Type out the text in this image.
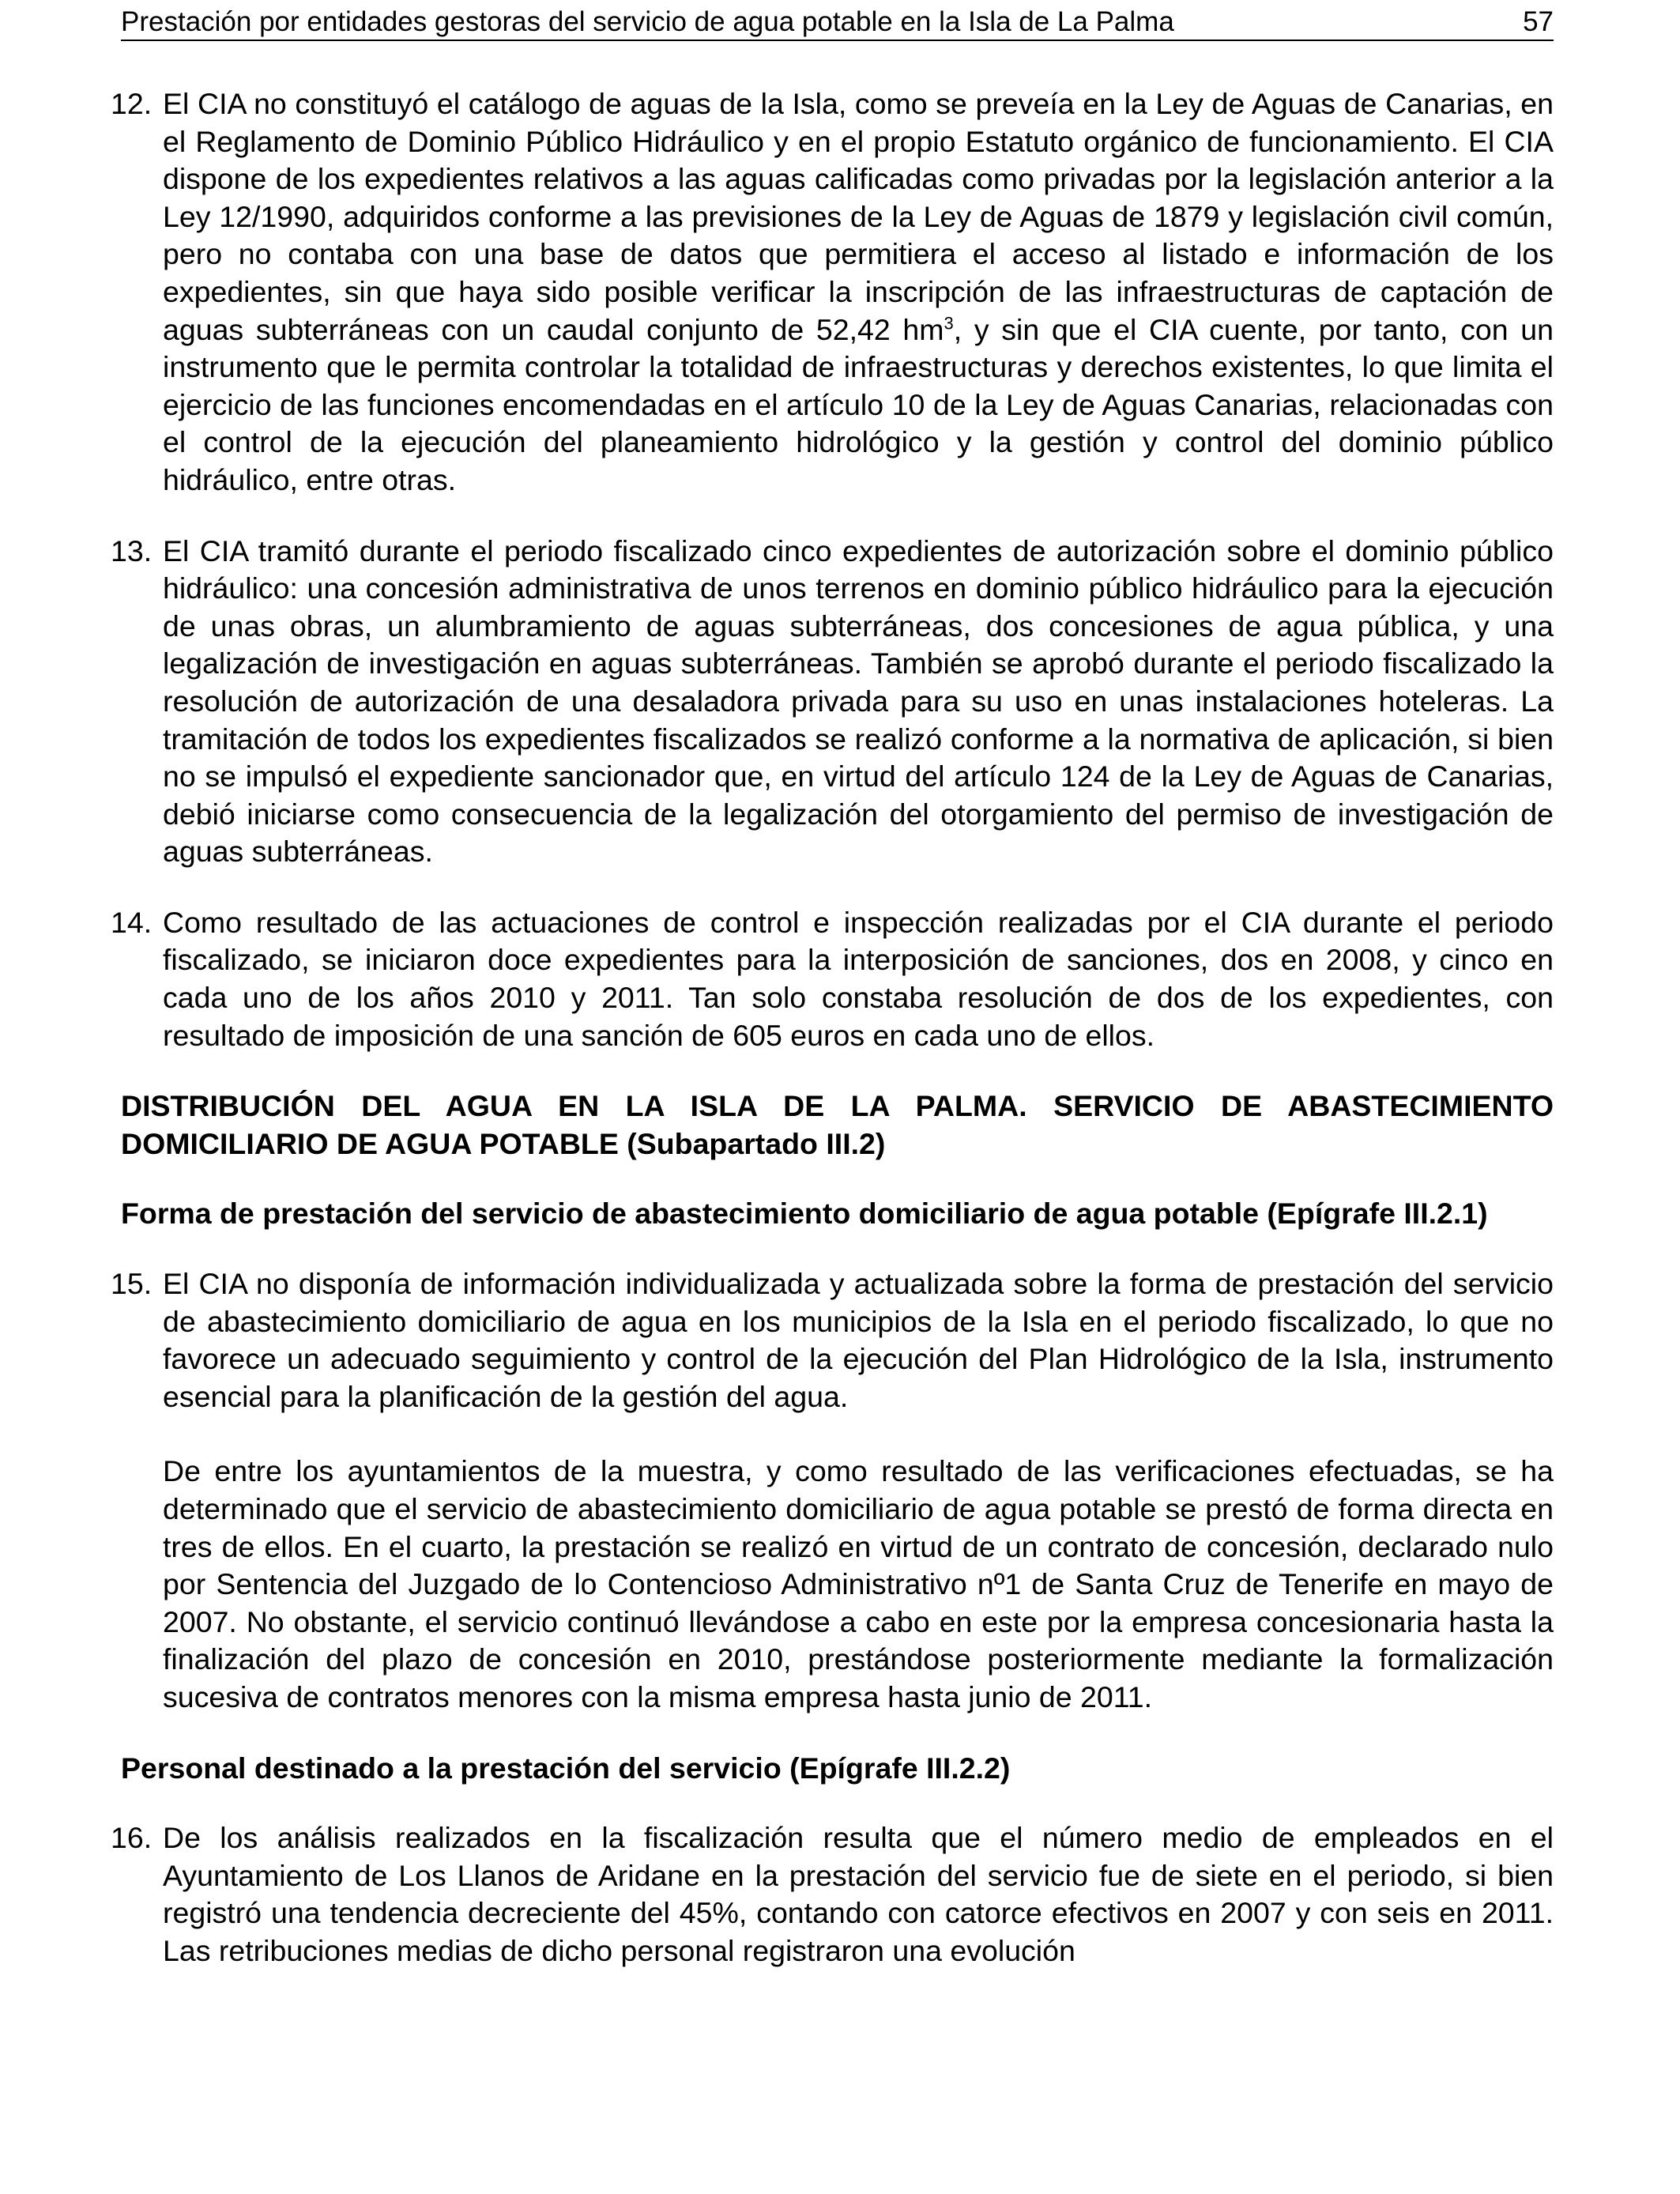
Prestación por entidades gestoras del servicio de agua potable en la Isla de La Palma	57
12. El CIA no constituyó el catálogo de aguas de la Isla, como se preveía en la Ley de Aguas de Canarias, en el Reglamento de Dominio Público Hidráulico y en el propio Estatuto orgánico de funcionamiento. El CIA dispone de los expedientes relativos a las aguas calificadas como privadas por la legislación anterior a la Ley 12/1990, adquiridos conforme a las previsiones de la Ley de Aguas de 1879 y legislación civil común, pero no contaba con una base de datos que permitiera el acceso al listado e información de los expedientes, sin que haya sido posible verificar la inscripción de las infraestructuras de captación de aguas subterráneas con un caudal conjunto de 52,42 $hm^3$, y sin que el CIA cuente, por tanto, con un instrumento que le permita controlar la totalidad de infraestructuras y derechos existentes, lo que limita el ejercicio de las funciones encomendadas en el artículo 10 de la Ley de Aguas Canarias, relacionadas con el control de la ejecución del planeamiento hidrológico y la gestión y control del dominio público hidráulico, entre otras.
13. El CIA tramitó durante el periodo fiscalizado cinco expedientes de autorización sobre el dominio público hidráulico: una concesión administrativa de unos terrenos en dominio público hidráulico para la ejecución de unas obras, un alumbramiento de aguas subterráneas, dos concesiones de agua pública, y una legalización de investigación en aguas subterráneas. También se aprobó durante el periodo fiscalizado la resolución de autorización de una desaladora privada para su uso en unas instalaciones hoteleras. La tramitación de todos los expedientes fiscalizados se realizó conforme a la normativa de aplicación, si bien no se impulsó el expediente sancionador que, en virtud del artículo 124 de la Ley de Aguas de Canarias, debió iniciarse como consecuencia de la legalización del otorgamiento del permiso de investigación de aguas subterráneas.
14. Como resultado de las actuaciones de control e inspección realizadas por el CIA durante el periodo fiscalizado, se iniciaron doce expedientes para la interposición de sanciones, dos en 2008, y cinco en cada uno de los años 2010 y 2011. Tan solo constaba resolución de dos de los expedientes, con resultado de imposición de una sanción de 605 euros en cada uno de ellos.
DISTRIBUCIÓN DEL AGUA EN LA ISLA DE LA PALMA. SERVICIO DE ABASTECIMIENTO DOMICILIARIO DE AGUA POTABLE (Subapartado III.2)
Forma de prestación del servicio de abastecimiento domiciliario de agua potable (Epígrafe III.2.1)
15. El CIA no disponía de información individualizada y actualizada sobre la forma de prestación del servicio de abastecimiento domiciliario de agua en los municipios de la Isla en el periodo fiscalizado, lo que no favorece un adecuado seguimiento y control de la ejecución del Plan Hidrológico de la Isla, instrumento esencial para la planificación de la gestión del agua.
De entre los ayuntamientos de la muestra, y como resultado de las verificaciones efectuadas, se ha determinado que el servicio de abastecimiento domiciliario de agua potable se prestó de forma directa en tres de ellos. En el cuarto, la prestación se realizó en virtud de un contrato de concesión, declarado nulo por Sentencia del Juzgado de lo Contencioso Administrativo nº1 de Santa Cruz de Tenerife en mayo de 2007. No obstante, el servicio continuó llevándose a cabo en este por la empresa concesionaria hasta la finalización del plazo de concesión en 2010, prestándose posteriormente mediante la formalización sucesiva de contratos menores con la misma empresa hasta junio de 2011.
Personal destinado a la prestación del servicio (Epígrafe III.2.2)
16. De los análisis realizados en la fiscalización resulta que el número medio de empleados en el Ayuntamiento de Los Llanos de Aridane en la prestación del servicio fue de siete en el periodo, si bien registró una tendencia decreciente del 45%, contando con catorce efectivos en 2007 y con seis en 2011. Las retribuciones medias de dicho personal registraron una evolución
